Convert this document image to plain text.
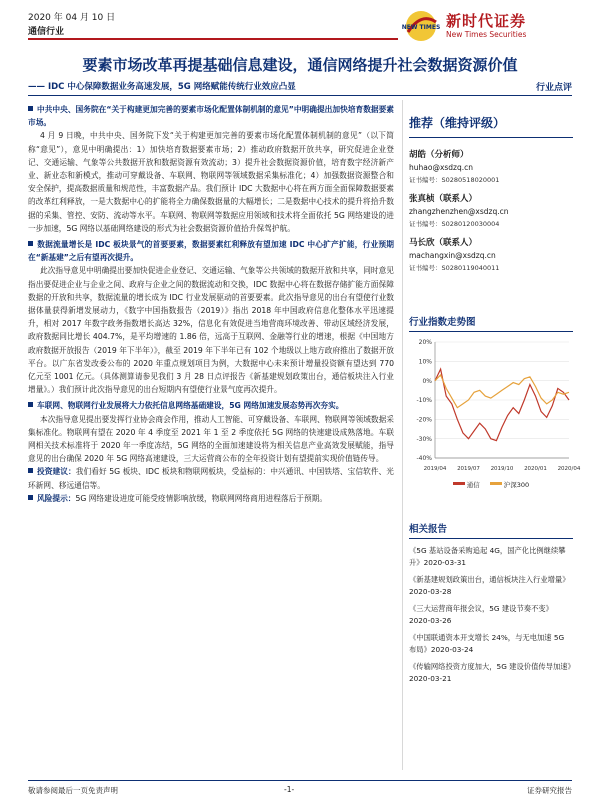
2020 年 04 月 10 日
通信行业	NEW TIMES 新时代证券
New Times Securities
要素市场改革再提基础信息建设，通信网络提升社会数据资源价值
—— IDC 中心保障数据业务高速发展，5G 网络赋能传统行业效应凸显	行业点评

中共中央、国务院在“关于构建更加完善的要素市场化配置体制机制的意见”中明确提出加快培育数据要素市场。

4 月 9 日晚，中共中央、国务院下发“关于构建更加完善的要素市场化配置体制机制的意见”（以下简称“意见”），意见中明确提出：1）加快培育数据要素市场；2）推动政府数据开放共享，研究促进企业登记、交通运输、气象等公共数据开放和数据资源有效流动；3）提升社会数据资源价值，培育数字经济新产业、新业态和新模式，推动可穿戴设备、车联网、物联网等领域数据采集标准化；4）加强数据资源整合和安全保护，提高数据质量和规范性，丰富数据产品。我们预计 IDC 大数据中心将在两方面全面保障数据要素的改革红利释放，一是大数据中心的扩能将全力确保数据量的大幅增长；二是数据中心技术的提升将拾升数据的采集、管控、安防、流动等水平。车联网、物联网等数据应用领域和技术将全面依托 5G 网络建设的进一步加速，5G 网络以基础网络建设的形式为社会数据资源价值拾升保驾护航。

数据流量增长是 IDC 板块景气的首要要素，数据要素红利释放有望加速 IDC 中心扩产扩能，行业预期在“新基建”之后有望再次提升。

此次指导意见中明确提出要加快促进企业登记、交通运输、气象等公共领域的数据开放和共享，同时意见指出要促进企业与企业之间、政府与企业之间的数据流动和交换，IDC 数据中心将在数据存储扩能方面保障数据的开放和共享，数据流量的增长成为 IDC 行业发展驱动的首要要素。此次指导意见的出台有望使行业数据体量获得新增发展动力，《数字中国指数报告（2019）》指出 2018 年中国政府信息化整体水平迅速提升，相对 2017 年数字政务指数增长高达 32%，信息化有效促进当地营商环境改善、带动区域经济发展，政府数据同比增长 404.7%，是平均增速的 1.86 倍，远高于互联网、金融等行业的增速，根据《中国地方政府数据开放报告（2019 年下半年）》，截至 2019 年下半年已有 102 个地级以上地方政府推出了数据开放平台。以广东省发改委公布的 2020 年重点规划项目为例，大数据中心未来预计增量投资额有望达到 770 亿元至 1001 亿元。（具体测算请参见我们 3 月 28 日点评报告《新基建规划政策出台，通信板块注入行业增量》。）我们预计此次指导意见的出台短期内有望使行业景气度再次提升。

车联网、物联网行业发展将大力依托信息网络基础建设，5G 网络加速发展态势再次夯实。

本次指导意见提出要发挥行业协会商会作用，推动人工智能、可穿戴设备、车联网、物联网等领域数据采集标准化。物联网有望在 2020 年 4 季度至 2021 年 1 至 2 季度依托 5G 网络的快速建设成熟落地。车联网相关技术标准将于 2020 年一季度冻结，5G 网络的全面加速建设将为相关信息产业高效发展赋能，指导意见的出台确保 2020 年 5G 网络高速建设，三大运营商公布的全年投资计划有望提前实现价值链传导。

投资建议：我们看好 5G 板块、IDC 板块和物联网板块，受益标的：中兴通讯、中国铁塔、宝信软件、光环新网、移远通信等。

风险提示：5G 网络建设进度可能受疫情影响放缓，物联网网络商用进程落后于预期。

推荐（维持评级）
胡皓（分析师）
huhao@xsdzq.cn
证书编号：S0280518020001
张真桢（联系人）
zhangzhenzhen@xsdzq.cn
证书编号：S0280120030004
马长欣（联系人）
machangxin@xsdzq.cn
证书编号：S0280119040011
行业指数走势图
20%
10%
0%
-10%
-20%
-30%
-40%
2019/04 2019/07 2019/10 2020/01 2020/04
通信	沪深300
相关报告
《5G 基站设备采购追起 4G，国产化比例继续攀升》2020-03-31
《新基建规划政策出台，通信板块注入行业增量》2020-03-28
《三大运营商年报会议，5G 建设节奏不变》2020-03-26
《中国联通资本开支增长 24%，与无电加速 5G 布局》2020-03-24
《传输网络投资方度加大，5G 建设价值传导加速》2020-03-21
敬请参阅最后一页免责声明	-1-	证券研究报告
